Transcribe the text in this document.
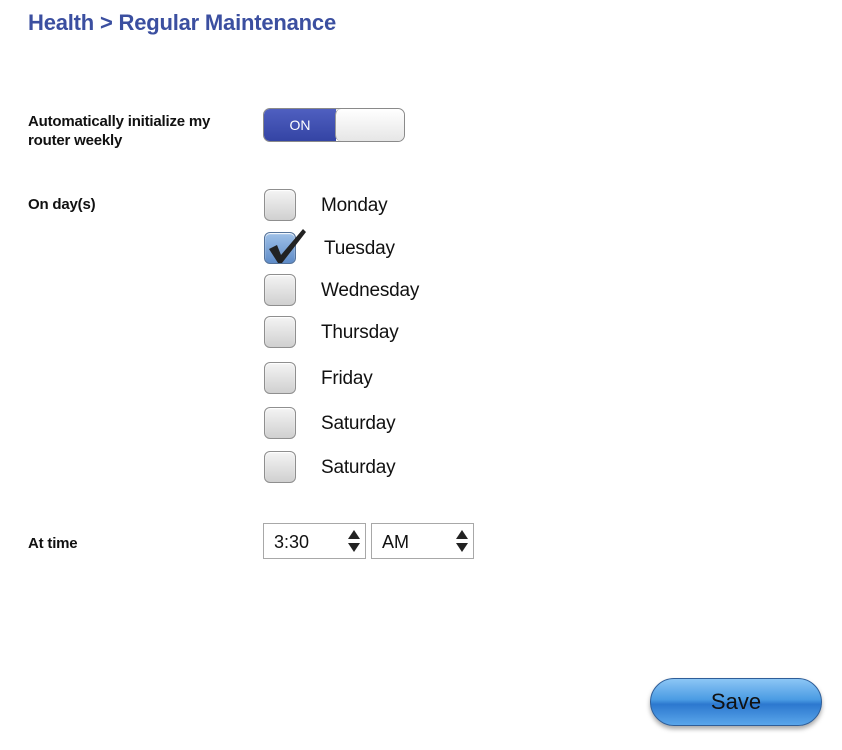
Health > Regular Maintenance
Automatically initialize my router weekly
ON
On day(s)	Monday
Tuesday
Wednesday
Thursday
Friday
Saturday
Saturday
At time	3:30	AM
Save
